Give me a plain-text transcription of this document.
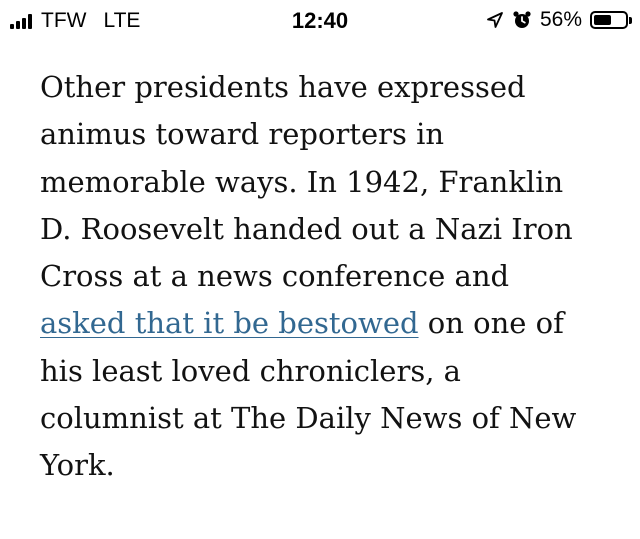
TFW LTE	12:40	56%

Other presidents have expressed
animus toward reporters in
memorable ways. In 1942, Franklin
D. Roosevelt handed out a Nazi Iron
Cross at a news conference and
asked that it be bestowed on one of
his least loved chroniclers, a
columnist at The Daily News of New
York.
